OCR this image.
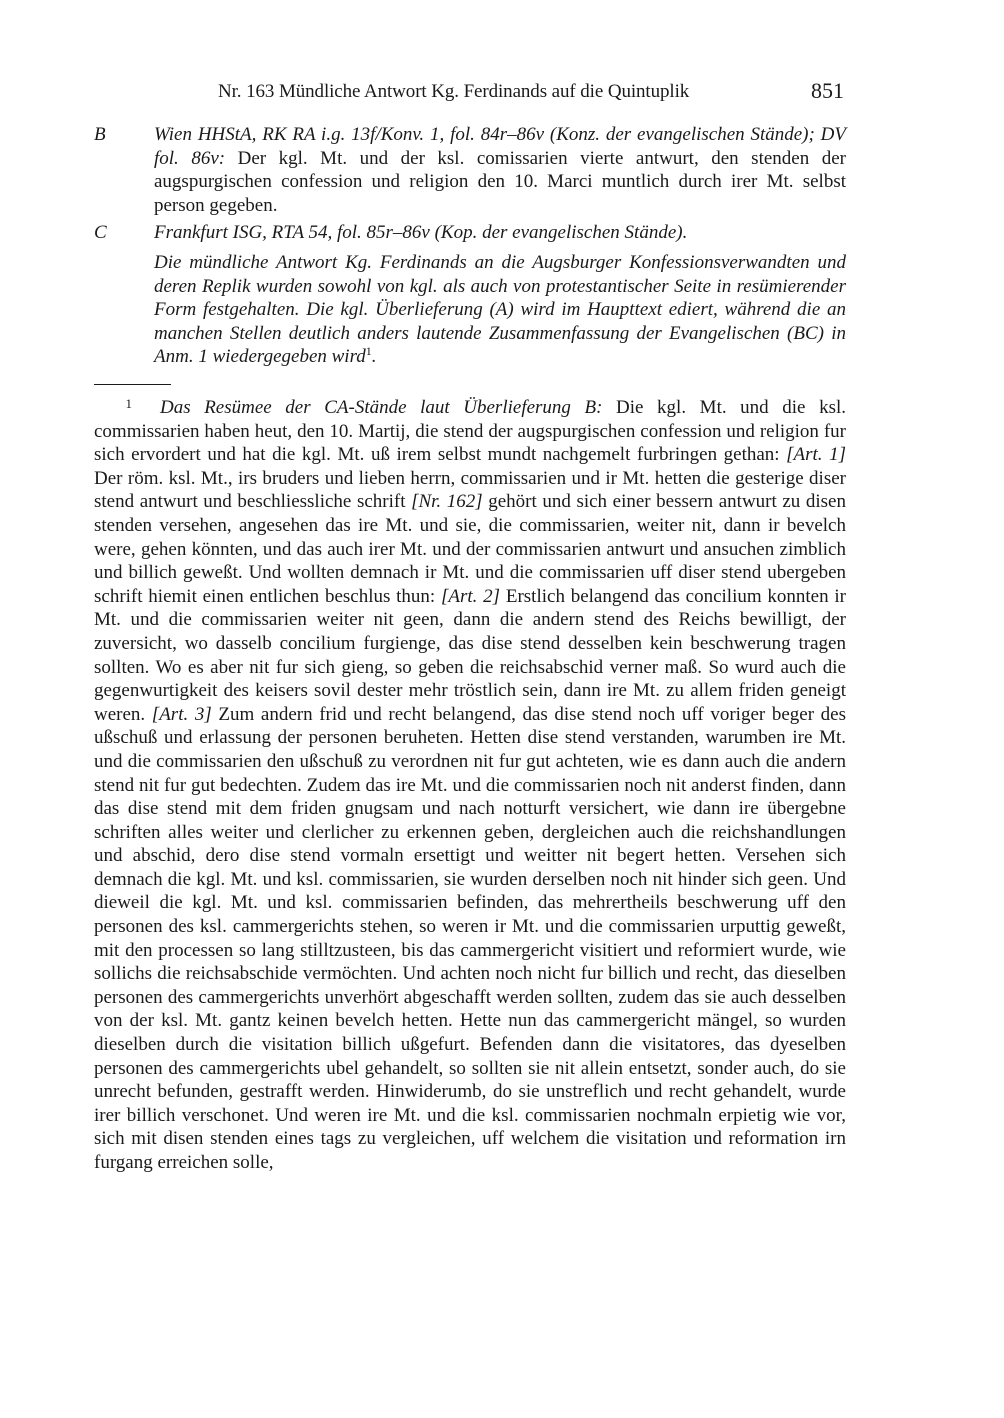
Nr. 163 Mündliche Antwort Kg. Ferdinands auf die Quintuplik	851
B	Wien HHStA, RK RA i.g. 13f/Konv. 1, fol. 84r–86v (Konz. der evangelischen Stände); DV fol. 86v: Der kgl. Mt. und der ksl. comissarien vierte antwurt, den stenden der augspurgischen confession und religion den 10. Marci muntlich durch irer Mt. selbst person gegeben.
C Frankfurt ISG, RTA 54, fol. 85r–86v (Kop. der evangelischen Stände).
Die mündliche Antwort Kg. Ferdinands an die Augsburger Konfessionsverwandten und deren Replik wurden sowohl von kgl. als auch von protestantischer Seite in resümierender Form festgehalten. Die kgl. Überlieferung (A) wird im Haupttext ediert, während die an manchen Stellen deutlich anders lautende Zusammenfassung der Evangelischen (BC) in Anm. 1 wiedergegeben wird$^1$.
$^1$ Das Resümee der CA-Stände laut Überlieferung B: Die kgl. Mt. und die ksl. commissarien haben heut, den 10. Martij, die stend der augspurgischen confession und religion fur sich ervordert und hat die kgl. Mt. uß irem selbst mundt nachgemelt furbringen gethan: [Art. 1] Der röm. ksl. Mt., irs bruders und lieben herrn, commissarien und ir Mt. hetten die gesterige diser stend antwurt und beschliessliche schrift [Nr. 162] gehört und sich einer bessern antwurt zu disen stenden versehen, angesehen das ire Mt. und sie, die commissarien, weiter nit, dann ir bevelch were, gehen könnten, und das auch irer Mt. und der commissarien antwurt und ansuchen zimblich und billich geweßt. Und wollten demnach ir Mt. und die commissarien uff diser stend ubergeben schrift hiemit einen entlichen beschlus thun: [Art. 2] Erstlich belangend das concilium konnten ir Mt. und die commissarien weiter nit geen, dann die andern stend des Reichs bewilligt, der zuversicht, wo dasselb concilium furgienge, das dise stend desselben kein beschwerung tragen sollten. Wo es aber nit fur sich gieng, so geben die reichsabschid verner maß. So wurd auch die gegenwurtigkeit des keisers sovil dester mehr tröstlich sein, dann ire Mt. zu allem friden geneigt weren. [Art. 3] Zum andern frid und recht belangend, das dise stend noch uff voriger beger des ußschuß und erlassung der personen beruheten. Hetten dise stend verstanden, warumben ire Mt. und die commissarien den ußschuß zu verordnen nit fur gut achteten, wie es dann auch die andern stend nit fur gut bedechten. Zudem das ire Mt. und die commissarien noch nit anderst finden, dann das dise stend mit dem friden gnugsam und nach notturft versichert, wie dann ire übergebne schriften alles weiter und clerlicher zu erkennen geben, dergleichen auch die reichshandlungen und abschid, dero dise stend vormaln ersettigt und weitter nit begert hetten. Versehen sich demnach die kgl. Mt. und ksl. commissarien, sie wurden derselben noch nit hinder sich geen. Und dieweil die kgl. Mt. und ksl. commissarien befinden, das mehrertheils beschwerung uff den personen des ksl. cammergerichts stehen, so weren ir Mt. und die commissarien urputtig geweßt, mit den processen so lang stilltzusteen, bis das cammergericht visitiert und reformiert wurde, wie sollichs die reichsabschide vermöchten. Und achten noch nicht fur billich und recht, das dieselben personen des cammergerichts unverhört abgeschafft werden sollten, zudem das sie auch desselben von der ksl. Mt. gantz keinen bevelch hetten. Hette nun das cammergericht mängel, so wurden dieselben durch die visitation billich ußgefurt. Befenden dann die visitatores, das dyeselben personen des cammergerichts ubel gehandelt, so sollten sie nit allein entsetzt, sonder auch, do sie unrecht befunden, gestrafft werden. Hinwiderumb, do sie unstreflich und recht gehandelt, wurde irer billich verschonet. Und weren ire Mt. und die ksl. commissarien nochmaln erpietig wie vor, sich mit disen stenden eines tags zu vergleichen, uff welchem die visitation und reformation irn furgang erreichen solle,
